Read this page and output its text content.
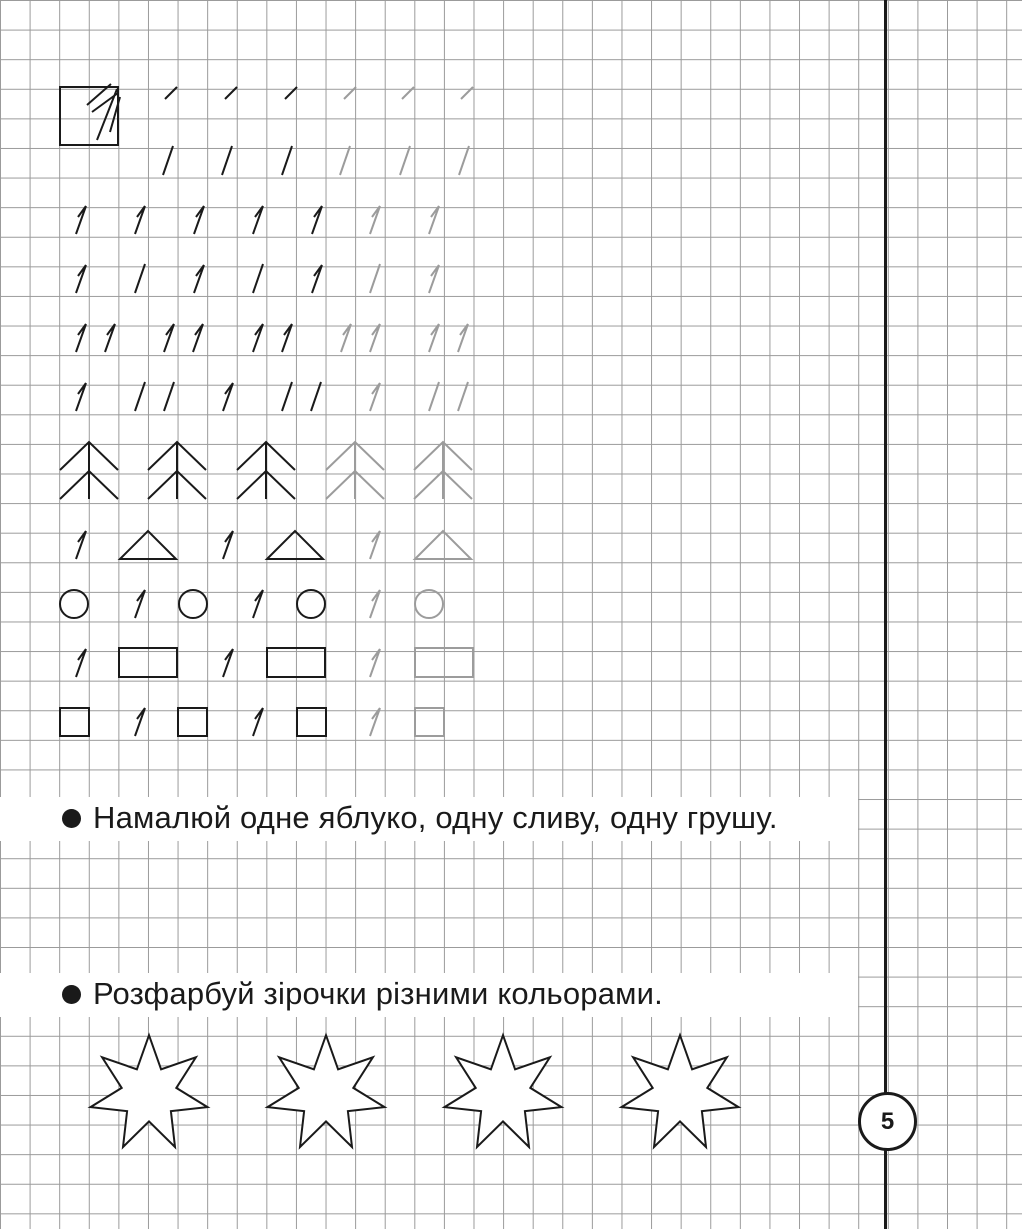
Намалюй одне яблуко, одну сливу, одну грушу.
Розфарбуй зірочки різними кольорами.
5
